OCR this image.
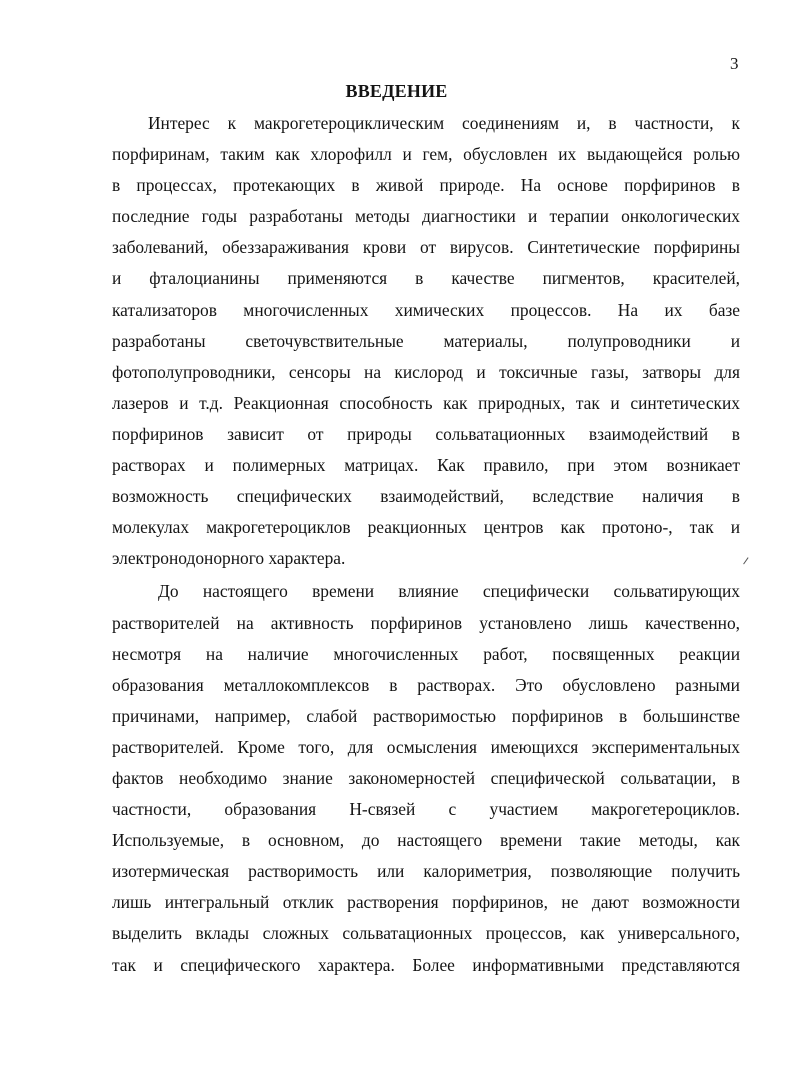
3
ВВЕДЕНИЕ

Интерес к макрогетероциклическим соединениям и, в частности, к
порфиринам, таким как хлорофилл и гем, обусловлен их выдающейся ролью
в процессах, протекающих в живой природе. На основе порфиринов в
последние годы разработаны методы диагностики и терапии онкологических
заболеваний, обеззараживания крови от вирусов. Синтетические порфирины
и фталоцианины применяются в качестве пигментов, красителей,
катализаторов многочисленных химических процессов. На их базе
разработаны светочувствительные материалы, полупроводники и
фотополупроводники, сенсоры на кислород и токсичные газы, затворы для
лазеров и т.д. Реакционная способность как природных, так и синтетических
порфиринов зависит от природы сольватационных взаимодействий в
растворах и полимерных матрицах. Как правило, при этом возникает
возможность специфических взаимодействий, вследствие наличия в
молекулах макрогетероциклов реакционных центров как протоно-, так и
электронодонорного характера.

До настоящего времени влияние специфически сольватирующих
растворителей на активность порфиринов установлено лишь качественно,
несмотря на наличие многочисленных работ, посвященных реакции
образования металлокомплексов в растворах. Это обусловлено разными
причинами, например, слабой растворимостью порфиринов в большинстве
растворителей. Кроме того, для осмысления имеющихся экспериментальных
фактов необходимо знание закономерностей специфической сольватации, в
частности, образования Н-связей с участием макрогетероциклов.
Используемые, в основном, до настоящего времени такие методы, как
изотермическая растворимость или калориметрия, позволяющие получить
лишь интегральный отклик растворения порфиринов, не дают возможности
выделить вклады сложных сольватационных процессов, как универсального,
так и специфического характера. Более информативными представляются
